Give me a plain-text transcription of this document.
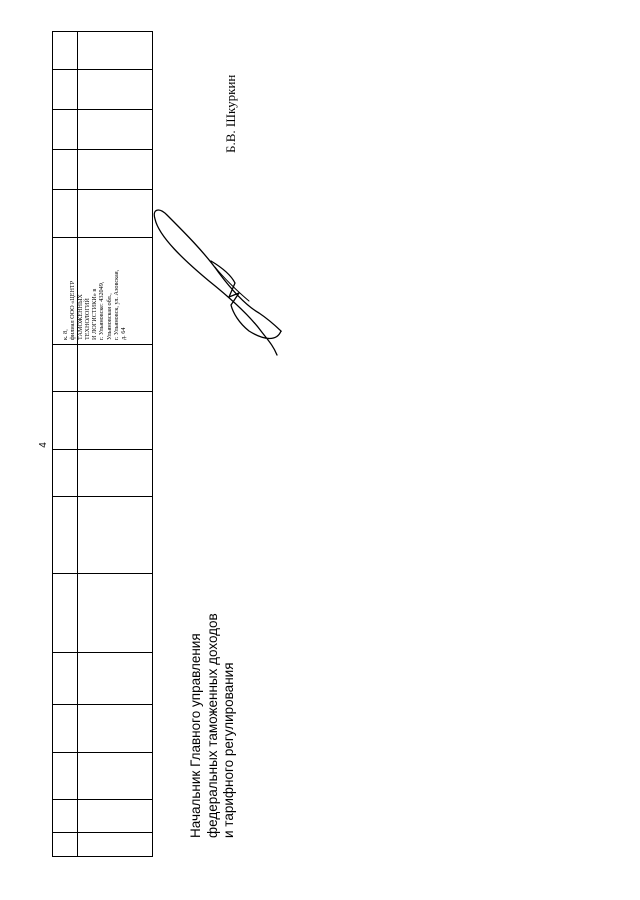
4
к. 8, филиал ООО «ЦЕНТР ТАМОЖЕННЫХ ТЕХНОЛОГИЙ И ЛОГИСТИКИ» в г. Ульяновске: 432049, Ульяновская обл., г. Ульяновск, ул. Азовская, д. 64
Начальник Главного управления федеральных таможенных доходов и тарифного регулирования
Б.В. Шкуркин
